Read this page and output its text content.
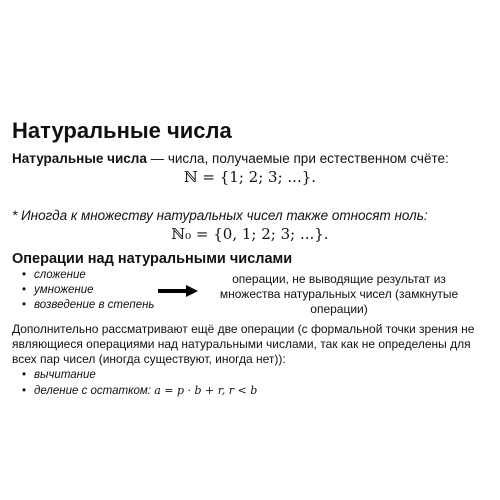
Натуральные числа
Натуральные числа — числа, получаемые при естественном счёте:
ℕ = {1; 2; 3; ...}.
* Иногда к множеству натуральных чисел также относят ноль:
ℕ₀ = {0, 1; 2; 3; ...}.
Операции над натуральными числами
• сложение
• умножение
• возведение в степень
операции, не выводящие результат из множества натуральных чисел (замкнутые операции)
Дополнительно рассматривают ещё две операции (с формальной точки зрения не являющиеся операциями над натуральными числами, так как не определены для всех пар чисел (иногда существуют, иногда нет)):
• вычитание
• деление с остатком: a = p · b + r, r < b
